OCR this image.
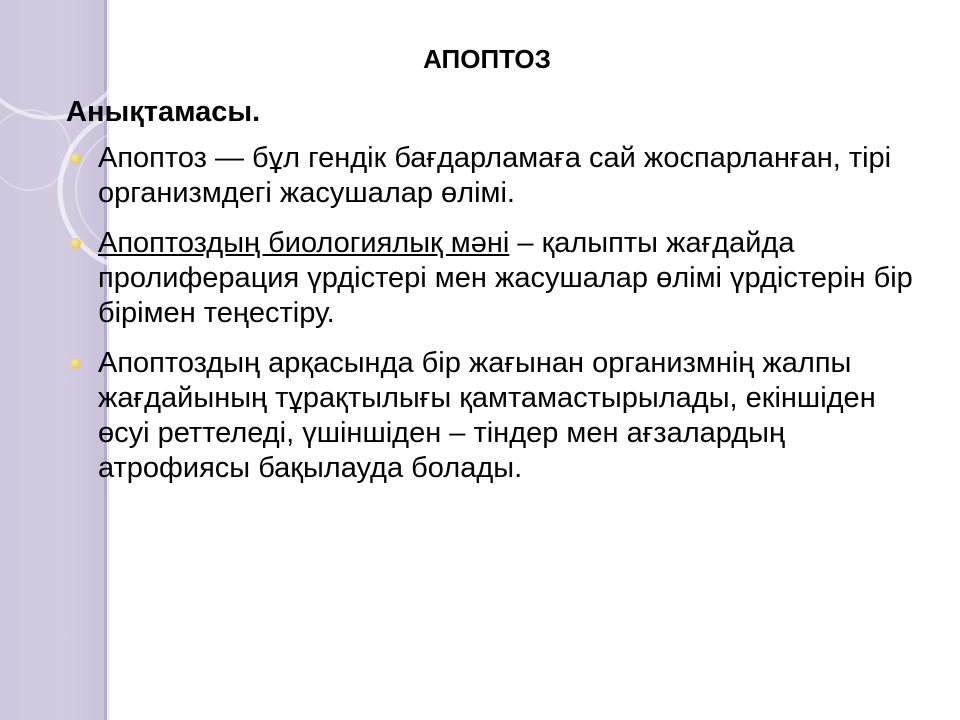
АПОПТОЗ
Анықтамасы.
Апоптоз — бұл гендік бағдарламаға сай жоспарланған, тірі организмдегі жасушалар өлімі.
Апоптоздың биологиялық мәні – қалыпты жағдайда пролиферация үрдістері мен жасушалар өлімі үрдістерін бір бірімен теңестіру.
Апоптоздың арқасында бір жағынан организмнің жалпы жағдайының тұрақтылығы қамтамастырылады, екіншіден өсуі реттеледі, үшіншіден – тіндер мен ағзалардың атрофиясы бақылауда болады.
